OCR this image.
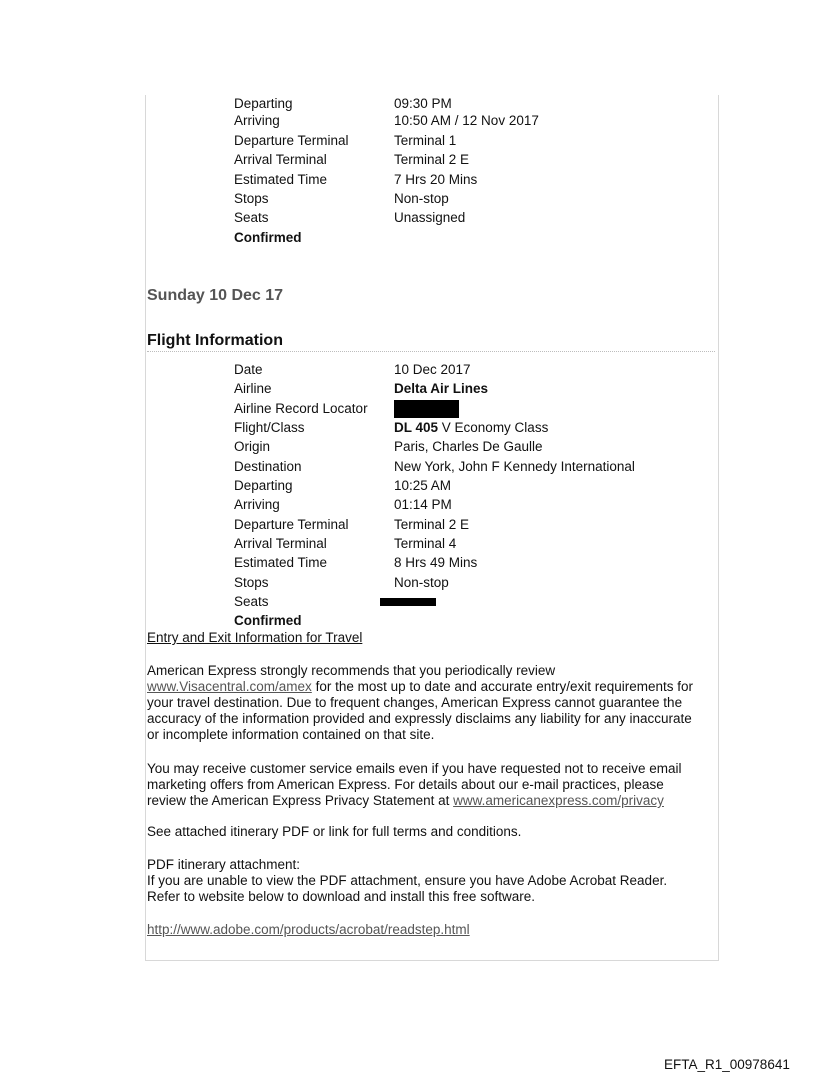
Departing	09:30 PM
Arriving	10:50 AM / 12 Nov 2017
Departure Terminal	Terminal 1
Arrival Terminal	Terminal 2 E
Estimated Time	7 Hrs 20 Mins
Stops	Non-stop
Seats	Unassigned
Confirmed
Sunday 10 Dec 17
Flight Information
Date	10 Dec 2017
Airline	Delta Air Lines
Airline Record Locator
Flight/Class	DL 405 V Economy Class
Origin	Paris, Charles De Gaulle
Destination	New York, John F Kennedy International
Departing	10:25 AM
Arriving	01:14 PM
Departure Terminal	Terminal 2 E
Arrival Terminal	Terminal 4
Estimated Time	8 Hrs 49 Mins
Stops	Non-stop
Seats
Confirmed
Entry and Exit Information for Travel
American Express strongly recommends that you periodically review
www.Visacentral.com/amex for the most up to date and accurate entry/exit requirements for
your travel destination. Due to frequent changes, American Express cannot guarantee the
accuracy of the information provided and expressly disclaims any liability for any inaccurate
or incomplete information contained on that site.
You may receive customer service emails even if you have requested not to receive email
marketing offers from American Express. For details about our e-mail practices, please
review the American Express Privacy Statement at www.americanexpress.com/privacy
See attached itinerary PDF or link for full terms and conditions.
PDF itinerary attachment:
If you are unable to view the PDF attachment, ensure you have Adobe Acrobat Reader.
Refer to website below to download and install this free software.
http://www.adobe.com/products/acrobat/readstep.html
EFTA_R1_00978641
